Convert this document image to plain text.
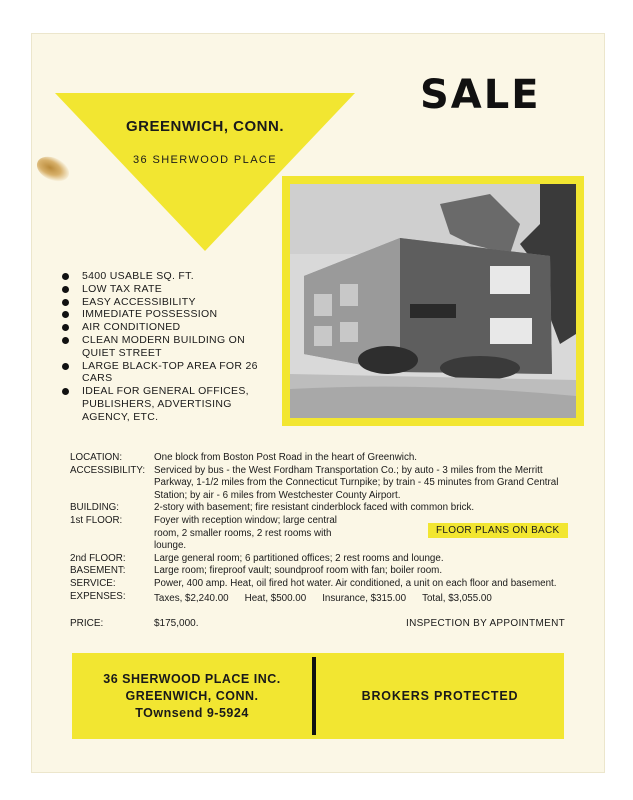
GREENWICH, CONN.
36 SHERWOOD PLACE
SALE
5400 USABLE SQ. FT.
LOW TAX RATE
EASY ACCESSIBILITY
IMMEDIATE POSSESSION
AIR CONDITIONED
CLEAN MODERN BUILDING ON QUIET STREET
LARGE BLACK-TOP AREA FOR 26 CARS
IDEAL FOR GENERAL OFFICES, PUBLISHERS, ADVERTISING AGENCY, ETC.
LOCATION:	One block from Boston Post Road in the heart of Greenwich.
ACCESSIBILITY: Serviced by bus - the West Fordham Transportation Co.; by auto - 3 miles from the Merritt Parkway, 1-1/2 miles from the Connecticut Turnpike; by train - 45 minutes from Grand Central Station; by air - 6 miles from Westchester County Airport.
BUILDING:	2-story with basement; fire resistant cinderblock faced with common brick.
1st FLOOR:	Foyer with reception window; large central room, 2 smaller rooms, 2 rest rooms with lounge.
2nd FLOOR:	Large general room; 6 partitioned offices; 2 rest rooms and lounge.
BASEMENT:	Large room; fireproof vault; soundproof room with fan; boiler room.
SERVICE:	Power, 400 amp. Heat, oil fired hot water. Air conditioned, a unit on each floor and basement.
EXPENSES:	Taxes, $2,240.00 Heat, $500.00 Insurance, $315.00 Total, $3,055.00
FLOOR PLANS ON BACK
PRICE:	$175,000.	INSPECTION BY APPOINTMENT
36 SHERWOOD PLACE INC.
GREENWICH, CONN.
TOwnsend 9-5924
BROKERS PROTECTED
